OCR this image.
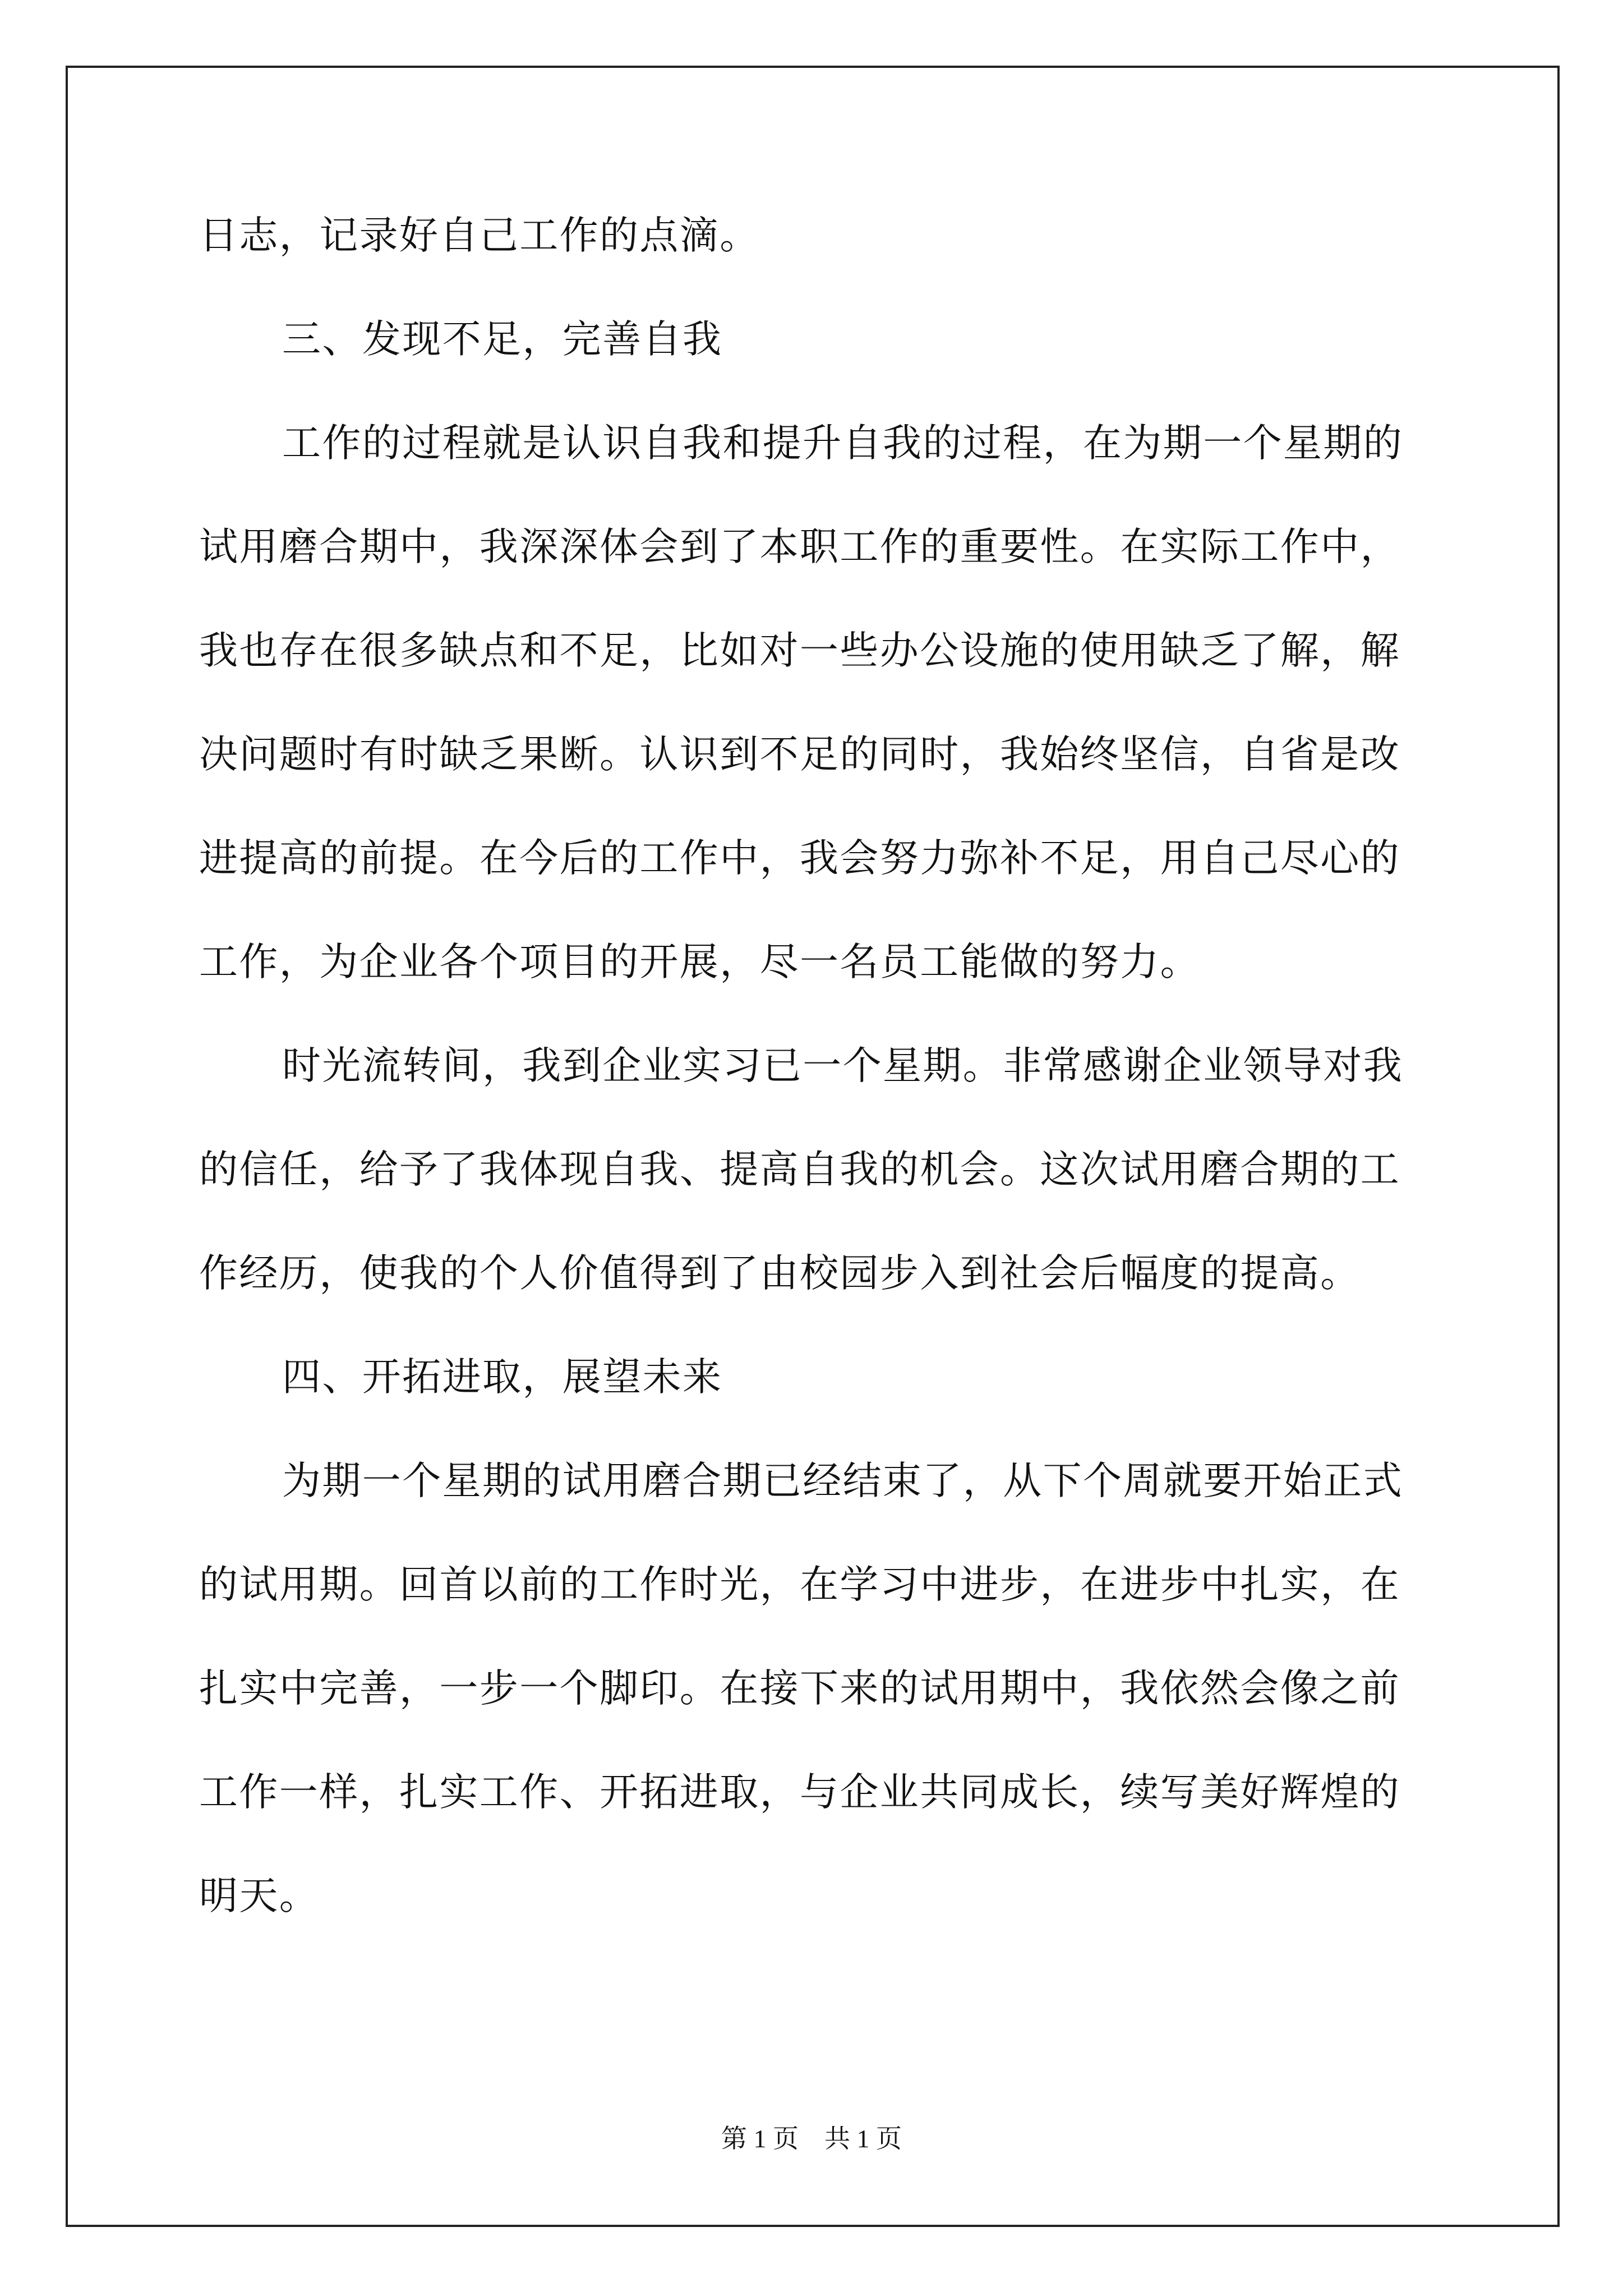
日志，记录好自己工作的点滴。
三、发现不足，完善自我
工作的过程就是认识自我和提升自我的过程，在为期一个星期的
试用磨合期中，我深深体会到了本职工作的重要性。在实际工作中，
我也存在很多缺点和不足，比如对一些办公设施的使用缺乏了解，解
决问题时有时缺乏果断。认识到不足的同时，我始终坚信，自省是改
进提高的前提。在今后的工作中，我会努力弥补不足，用自己尽心的
工作，为企业各个项目的开展，尽一名员工能做的努力。
时光流转间，我到企业实习已一个星期。非常感谢企业领导对我
的信任，给予了我体现自我、提高自我的机会。这次试用磨合期的工
作经历，使我的个人价值得到了由校园步入到社会后幅度的提高。
四、开拓进取，展望未来
为期一个星期的试用磨合期已经结束了，从下个周就要开始正式
的试用期。回首以前的工作时光，在学习中进步，在进步中扎实，在
扎实中完善，一步一个脚印。在接下来的试用期中，我依然会像之前
工作一样，扎实工作、开拓进取，与企业共同成长，续写美好辉煌的
明天。
第 1 页　共 1 页
